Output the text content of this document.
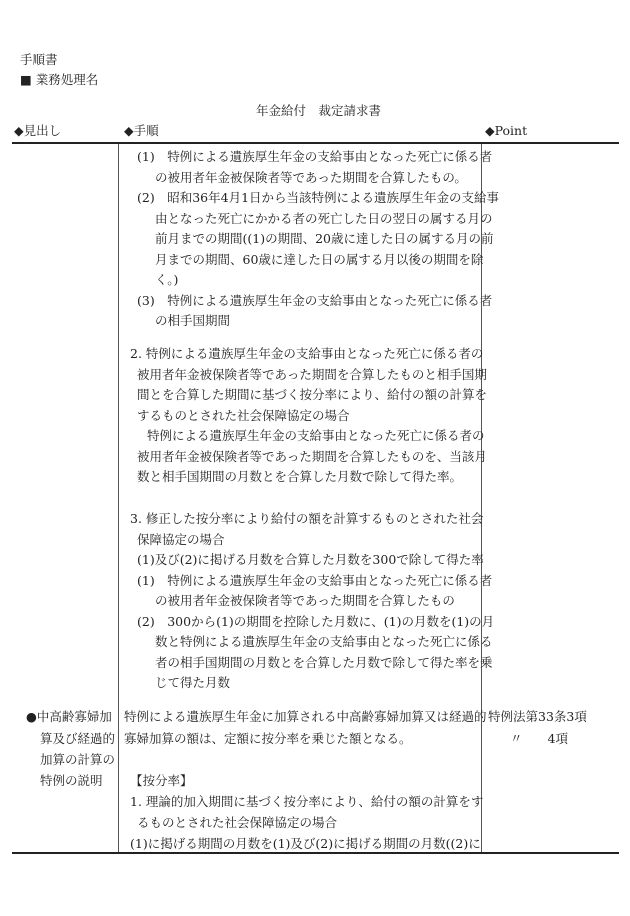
手順書
■ 業務処理名
年金給付　裁定請求書
◆見出し	◆手順	◆Point
(1)　特例による遺族厚生年金の支給事由となった死亡に係る者
の被用者年金被保険者等であった期間を合算したもの。
(2)　昭和36年4月1日から当該特例による遺族厚生年金の支給事
由となった死亡にかかる者の死亡した日の翌日の属する月の
前月までの期間((1)の期間、20歳に達した日の属する月の前
月までの期間、60歳に達した日の属する月以後の期間を除
く。)
(3)　特例による遺族厚生年金の支給事由となった死亡に係る者
の相手国期間
2. 特例による遺族厚生年金の支給事由となった死亡に係る者の
被用者年金被保険者等であった期間を合算したものと相手国期
間とを合算した期間に基づく按分率により、給付の額の計算を
するものとされた社会保障協定の場合
特例による遺族厚生年金の支給事由となった死亡に係る者の
被用者年金被保険者等であった期間を合算したものを、当該月
数と相手国期間の月数とを合算した月数で除して得た率。
3. 修正した按分率により給付の額を計算するものとされた社会
保障協定の場合
(1)及び(2)に掲げる月数を合算した月数を300で除して得た率
(1)　特例による遺族厚生年金の支給事由となった死亡に係る者
の被用者年金被保険者等であった期間を合算したもの
(2)　300から(1)の期間を控除した月数に、(1)の月数を(1)の月
数と特例による遺族厚生年金の支給事由となった死亡に係る
者の相手国期間の月数とを合算した月数で除して得た率を乗
じて得た月数
●中高齢寡婦加
算及び経過的
加算の計算の
特例の説明
特例による遺族厚生年金に加算される中高齢寡婦加算又は経過的
寡婦加算の額は、定額に按分率を乗じた額となる。
【按分率】
1. 理論的加入期間に基づく按分率により、給付の額の計算をす
るものとされた社会保障協定の場合
(1)に掲げる期間の月数を(1)及び(2)に掲げる期間の月数((2)に
特例法第33条3項
〃　　4項
